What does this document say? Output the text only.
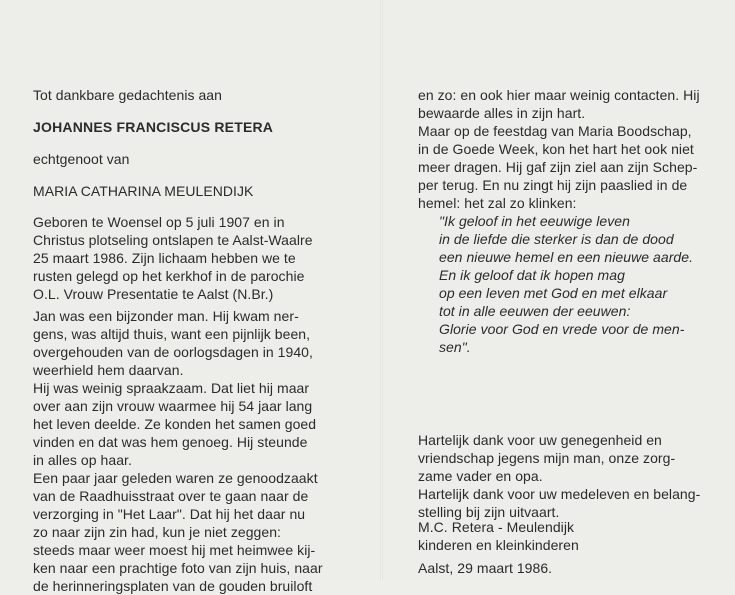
Tot dankbare gedachtenis aan
JOHANNES FRANCISCUS RETERA
echtgenoot van
MARIA CATHARINA MEULENDIJK
Geboren te Woensel op 5 juli 1907 en in
Christus plotseling ontslapen te Aalst-Waalre
25 maart 1986. Zijn lichaam hebben we te
rusten gelegd op het kerkhof in de parochie
O.L. Vrouw Presentatie te Aalst (N.Br.)
Jan was een bijzonder man. Hij kwam ner-
gens, was altijd thuis, want een pijnlijk been,
overgehouden van de oorlogsdagen in 1940,
weerhield hem daarvan.
Hij was weinig spraakzaam. Dat liet hij maar
over aan zijn vrouw waarmee hij 54 jaar lang
het leven deelde. Ze konden het samen goed
vinden en dat was hem genoeg. Hij steunde
in alles op haar.
Een paar jaar geleden waren ze genoodzaakt
van de Raadhuisstraat over te gaan naar de
verzorging in "Het Laar". Dat hij het daar nu
zo naar zijn zin had, kun je niet zeggen:
steeds maar weer moest hij met heimwee kij-
ken naar een prachtige foto van zijn huis, naar
de herinneringsplaten van de gouden bruiloft
en zo: en ook hier maar weinig contacten. Hij
bewaarde alles in zijn hart.
Maar op de feestdag van Maria Boodschap,
in de Goede Week, kon het hart het ook niet
meer dragen. Hij gaf zijn ziel aan zijn Schep-
per terug. En nu zingt hij zijn paaslied in de
hemel: het zal zo klinken:
"Ik geloof in het eeuwige leven
in de liefde die sterker is dan de dood
een nieuwe hemel en een nieuwe aarde.
En ik geloof dat ik hopen mag
op een leven met God en met elkaar
tot in alle eeuwen der eeuwen:
Glorie voor God en vrede voor de men-
sen".
Hartelijk dank voor uw genegenheid en
vriendschap jegens mijn man, onze zorg-
zame vader en opa.
Hartelijk dank voor uw medeleven en belang-
stelling bij zijn uitvaart.
M.C. Retera - Meulendijk
kinderen en kleinkinderen
Aalst, 29 maart 1986.
